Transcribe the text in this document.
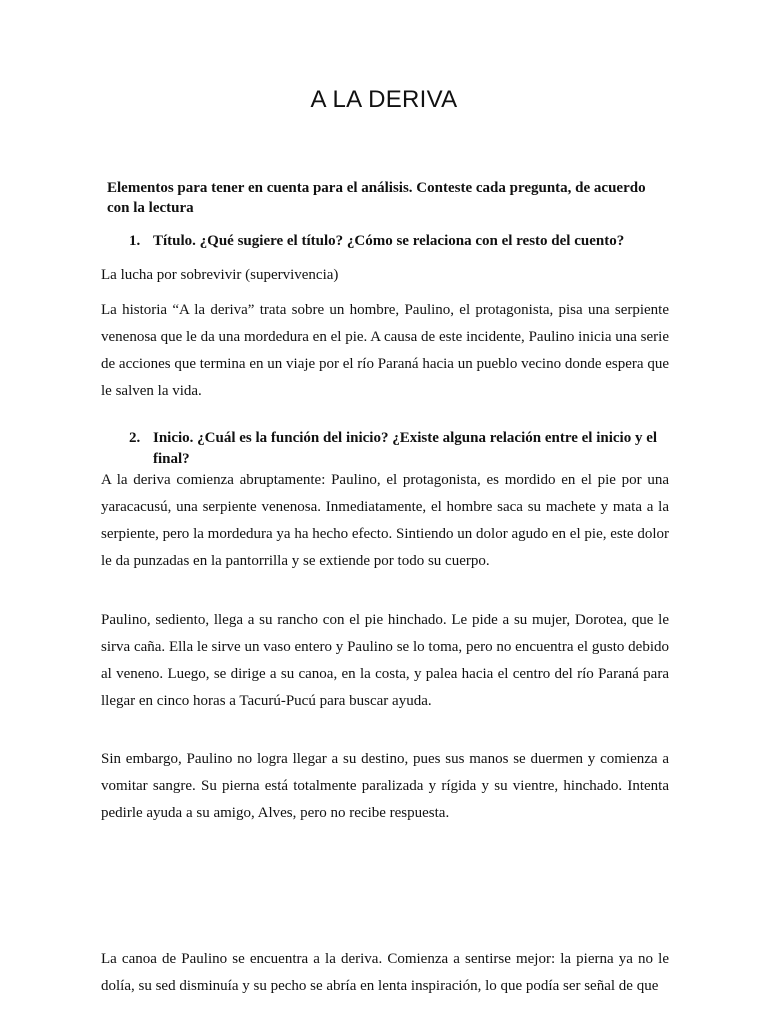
A LA DERIVA

Elementos para tener en cuenta para el análisis. Conteste cada pregunta, de acuerdo con la lectura

1. Título. ¿Qué sugiere el título? ¿Cómo se relaciona con el resto del cuento?

La lucha por sobrevivir (supervivencia)

La historia “A la deriva” trata sobre un hombre, Paulino, el protagonista, pisa una serpiente venenosa que le da una mordedura en el pie. A causa de este incidente, Paulino inicia una serie de acciones que termina en un viaje por el río Paraná hacia un pueblo vecino donde espera que le salven la vida.

2. Inicio. ¿Cuál es la función del inicio? ¿Existe alguna relación entre el inicio y el final?

A la deriva comienza abruptamente: Paulino, el protagonista, es mordido en el pie por una yaracacusú, una serpiente venenosa. Inmediatamente, el hombre saca su machete y mata a la serpiente, pero la mordedura ya ha hecho efecto. Sintiendo un dolor agudo en el pie, este dolor le da punzadas en la pantorrilla y se extiende por todo su cuerpo.

Paulino, sediento, llega a su rancho con el pie hinchado. Le pide a su mujer, Dorotea, que le sirva caña. Ella le sirve un vaso entero y Paulino se lo toma, pero no encuentra el gusto debido al veneno. Luego, se dirige a su canoa, en la costa, y palea hacia el centro del río Paraná para llegar en cinco horas a Tacurú-Pucú para buscar ayuda.

Sin embargo, Paulino no logra llegar a su destino, pues sus manos se duermen y comienza a vomitar sangre. Su pierna está totalmente paralizada y rígida y su vientre, hinchado. Intenta pedirle ayuda a su amigo, Alves, pero no recibe respuesta.

La canoa de Paulino se encuentra a la deriva. Comienza a sentirse mejor: la pierna ya no le dolía, su sed disminuía y su pecho se abría en lenta inspiración, lo que podía ser señal de que
